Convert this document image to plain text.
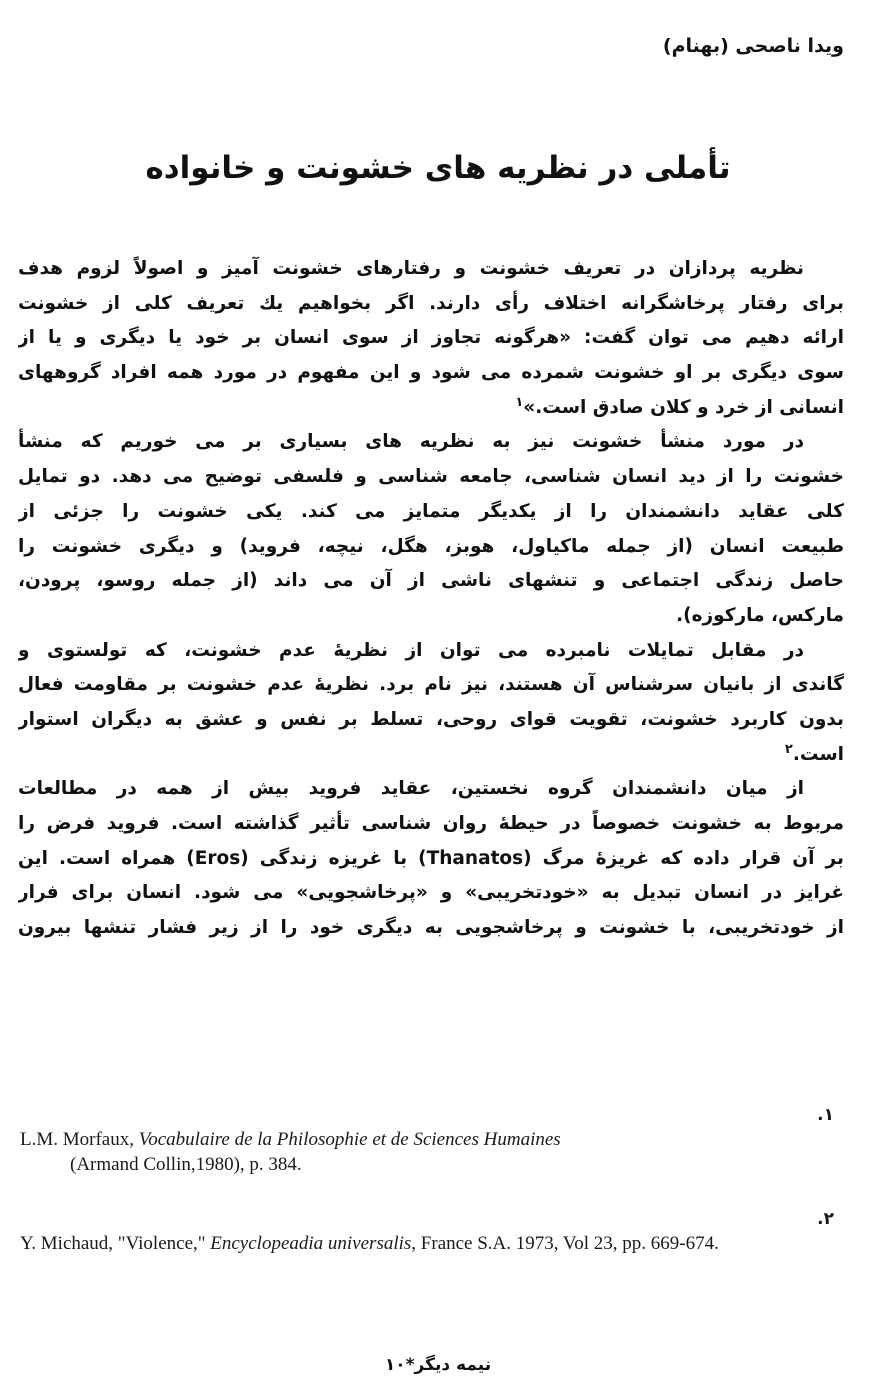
ویدا ناصحی (بهنام)
تأملی در نظریه های خشونت و خانواده
نظریه پردازان در تعریف خشونت و رفتارهای خشونت آمیز و اصولاً لزوم هدف
برای رفتار پرخاشگرانه اختلاف رأی دارند. اگر بخواهیم یك تعریف کلی از خشونت
ارائه دهیم می توان گفت: «هرگونه تجاوز از سوی انسان بر خود یا دیگری و یا از
سوی دیگری بر او خشونت شمرده می شود و این مفهوم در مورد همه افراد گروههای
انسانی از خرد و کلان صادق است.»$^۱$
در مورد منشأ خشونت نیز به نظریه های بسیاری بر می خوریم که منشأ
خشونت را از دید انسان شناسی، جامعه شناسی و فلسفی توضیح می دهد. دو تمایل
کلی عقاید دانشمندان را از یکدیگر متمایز می کند. یکی خشونت را جزئی از
طبیعت انسان (از جمله ماکیاول، هوبز، هگل، نیچه، فروید) و دیگری خشونت را
حاصل زندگی اجتماعی و تنشهای ناشی از آن می داند (از جمله روسو، پرودن،
مارکس، مارکوزه).
در مقابل تمایلات نامبرده می توان از نظریهٔ عدم خشونت، که تولستوی و
گاندی از بانیان سرشناس آن هستند، نیز نام برد. نظریهٔ عدم خشونت بر مقاومت فعال
بدون کاربرد خشونت، تقویت قوای روحی، تسلط بر نفس و عشق به دیگران استوار
است.$^۲$
از میان دانشمندان گروه نخستین، عقاید فروید بیش از همه در مطالعات
مربوط به خشونت خصوصاً در حیطهٔ روان شناسی تأثیر گذاشته است. فروید فرض را
بر آن قرار داده که غریزهٔ مرگ (Thanatos) با غریزه زندگی (Eros) همراه است. این
غرایز در انسان تبدیل به «خودتخریبی» و «پرخاشجویی» می شود. انسان برای فرار
از خودتخریبی، با خشونت و پرخاشجویی به دیگری خود را از زیر فشار تنشها بیرون
۱.
L.M. Morfaux, Vocabulaire de la Philosophie et de Sciences Humaines
(Armand Collin,1980), p. 384.
۲.
Y. Michaud, "Violence," Encyclopeadia universalis, France S.A. 1973, Vol 23, pp. 669-674.
نیمه دیگر*۱۰
